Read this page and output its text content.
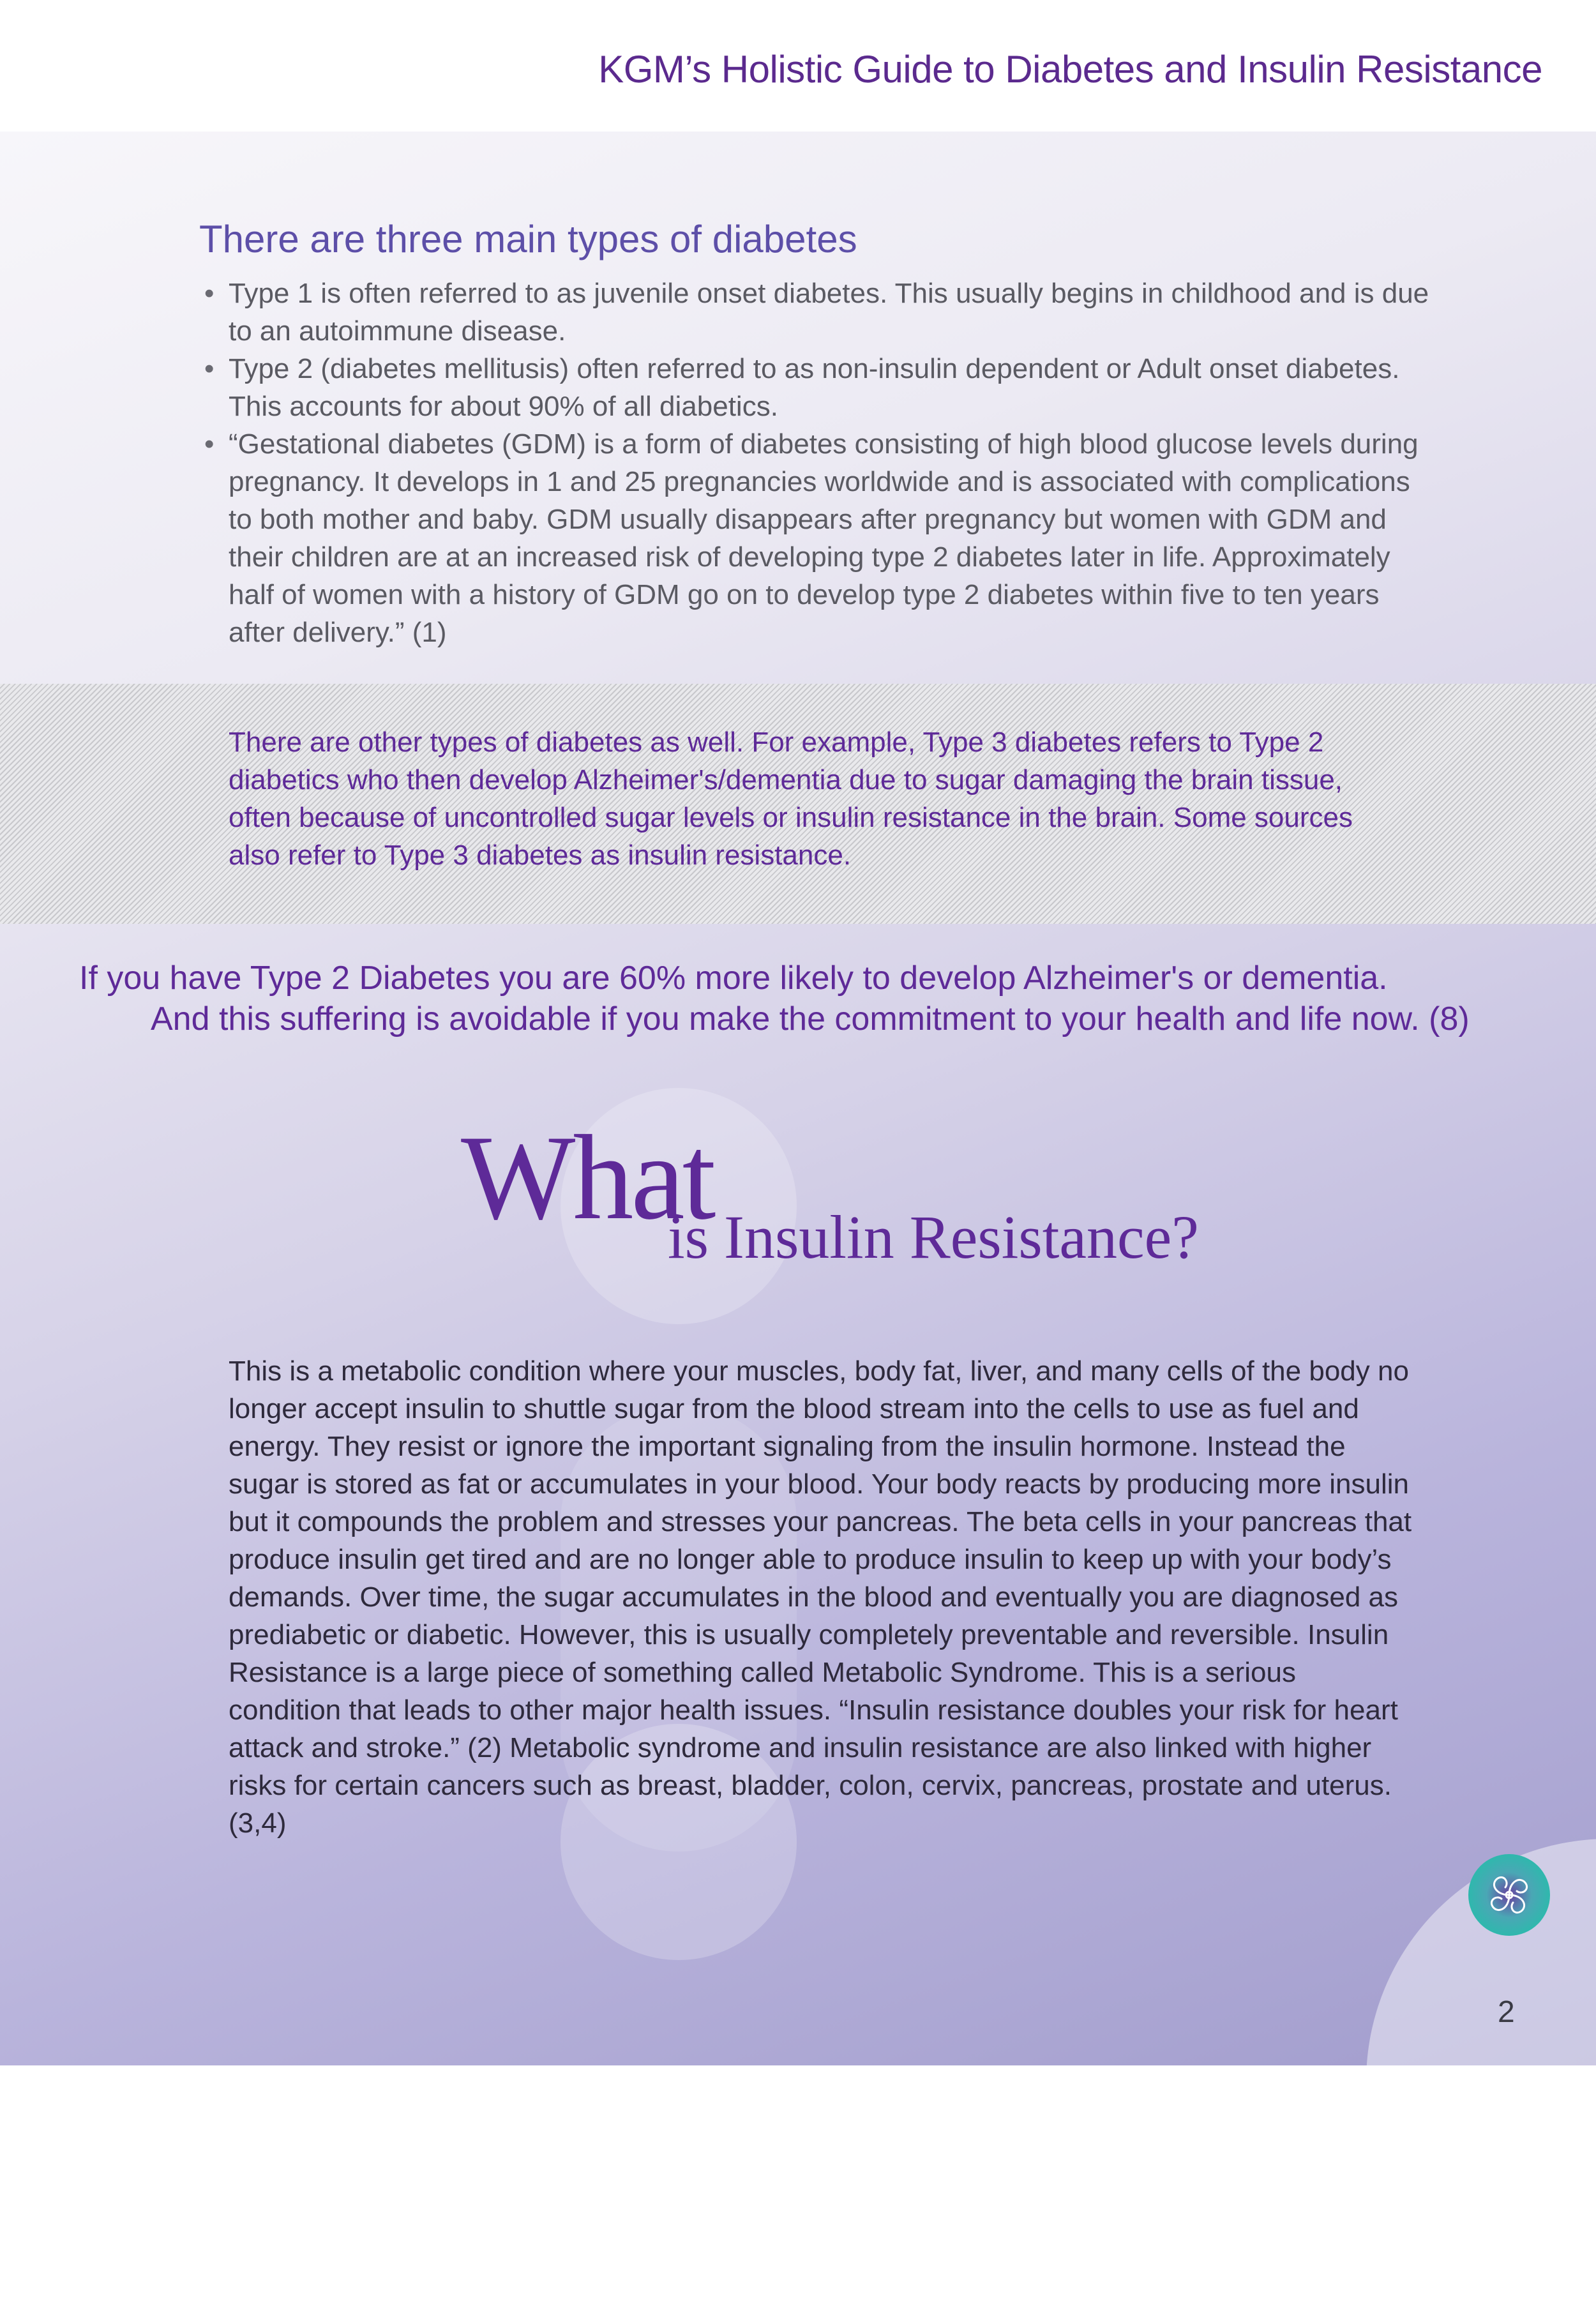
KGM’s Holistic Guide to Diabetes and Insulin Resistance
There are three main types of diabetes
• Type 1 is often referred to as juvenile onset diabetes. This usually begins in childhood and is due to an autoimmune disease.
• Type 2 (diabetes mellitusis) often referred to as non-insulin dependent or Adult onset diabetes. This accounts for about 90% of all diabetics.
• “Gestational diabetes (GDM) is a form of diabetes consisting of high blood glucose levels during pregnancy. It develops in 1 and 25 pregnancies worldwide and is associated with complications to both mother and baby. GDM usually disappears after pregnancy but women with GDM and their children are at an increased risk of developing type 2 diabetes later in life. Approximately half of women with a history of GDM go on to develop type 2 diabetes within five to ten years after delivery.” (1)
There are other types of diabetes as well. For example, Type 3 diabetes refers to Type 2 diabetics who then develop Alzheimer's/dementia due to sugar damaging the brain tissue, often because of uncontrolled sugar levels or insulin resistance in the brain. Some sources also refer to Type 3 diabetes as insulin resistance.
If you have Type 2 Diabetes you are 60% more likely to develop Alzheimer's or dementia.
And this suffering is avoidable if you make the commitment to your health and life now. (8)
What
is Insulin Resistance?
This is a metabolic condition where your muscles, body fat, liver, and many cells of the body no longer accept insulin to shuttle sugar from the blood stream into the cells to use as fuel and energy. They resist or ignore the important signaling from the insulin hormone. Instead the sugar is stored as fat or accumulates in your blood. Your body reacts by producing more insulin but it compounds the problem and stresses your pancreas. The beta cells in your pancreas that produce insulin get tired and are no longer able to produce insulin to keep up with your body’s demands. Over time, the sugar accumulates in the blood and eventually you are diagnosed as prediabetic or diabetic. However, this is usually completely preventable and reversible. Insulin Resistance is a large piece of something called Metabolic Syndrome. This is a serious condition that leads to other major health issues. “Insulin resistance doubles your risk for heart attack and stroke.” (2) Metabolic syndrome and insulin resistance are also linked with higher risks for certain cancers such as breast, bladder, colon, cervix, pancreas, prostate and uterus. (3,4)
2
